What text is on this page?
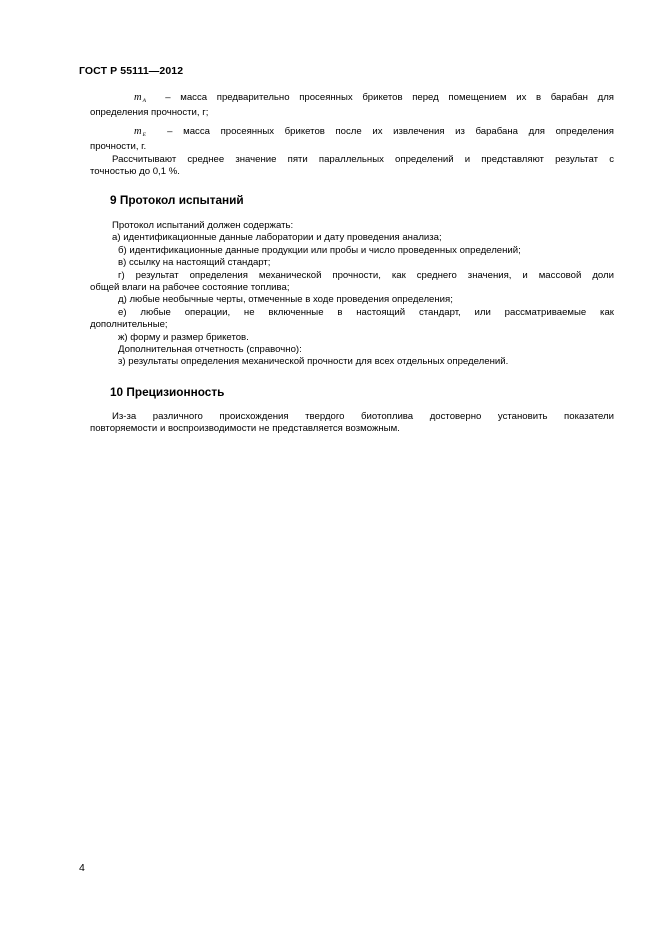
ГОСТ Р 55111—2012

$m_A$ – масса предварительно просеянных брикетов перед помещением их в барабан для

определения прочности, г;

$m_E$ – масса просеянных брикетов после их извлечения из барабана для определения

прочности, г.

Рассчитывают среднее значение пяти параллельных определений и представляют результат с

точностью до 0,1 %.

9 Протокол испытаний

Протокол испытаний должен содержать:

а) идентификационные данные лаборатории и дату проведения анализа;

б) идентификационные данные продукции или пробы и число проведенных определений;

в) ссылку на настоящий стандарт;

г) результат определения механической прочности, как среднего значения, и массовой доли

общей влаги на рабочее состояние топлива;

д) любые необычные черты, отмеченные в ходе проведения определения;

е) любые операции, не включенные в настоящий стандарт, или рассматриваемые как

дополнительные;

ж) форму и размер брикетов.

Дополнительная отчетность (справочно):

з) результаты определения механической прочности для всех отдельных определений.

10 Прецизионность

Из-за различного происхождения твердого биотоплива достоверно установить показатели

повторяемости и воспроизводимости не представляется возможным.

4
